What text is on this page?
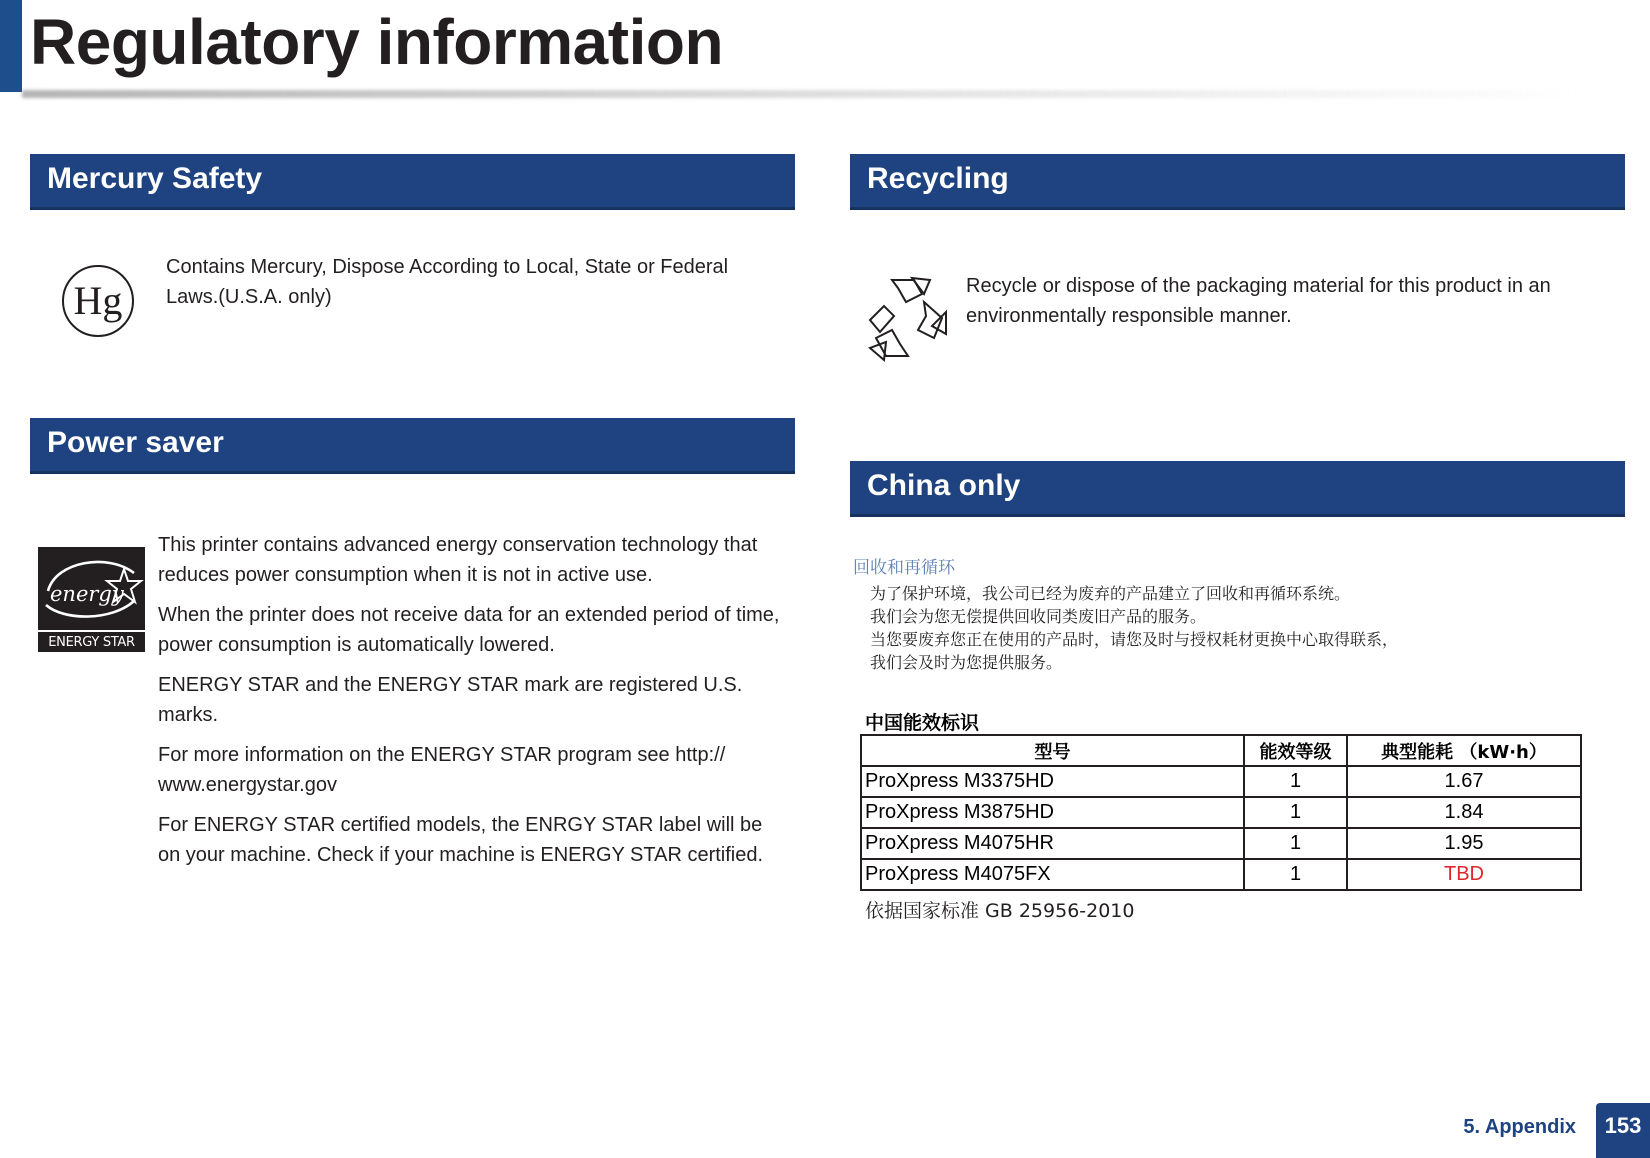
Regulatory information
Mercury Safety
Hg
Contains Mercury, Dispose According to Local, State or Federal
Laws.(U.S.A. only)
Power saver
energy
ENERGY STAR

This printer contains advanced energy conservation technology that reduces power consumption when it is not in active use.

When the printer does not receive data for an extended period of time, power consumption is automatically lowered.

ENERGY STAR and the ENERGY STAR mark are registered U.S. marks.

For more information on the ENERGY STAR program see http:// www.energystar.gov

For ENERGY STAR certified models, the ENRGY STAR label will be on your machine. Check if your machine is ENERGY STAR certified.

Recycling
Recycle or dispose of the packaging material for this product in an
environmentally responsible manner.
China only
回收和再循环
为了保护环境，我公司已经为废弃的产品建立了回收和再循环系统。
我们会为您无偿提供回收同类废旧产品的服务。
当您要废弃您正在使用的产品时，请您及时与授权耗材更换中心取得联系，
我们会及时为您提供服务。
中国能效标识
型号	能效等级	典型能耗 （kW·h）
ProXpress M3375HD	1	1.67
ProXpress M3875HD	1	1.84
ProXpress M4075HR	1	1.95
ProXpress M4075FX	1	TBD
依据国家标准 GB 25956-2010
5. Appendix	153
